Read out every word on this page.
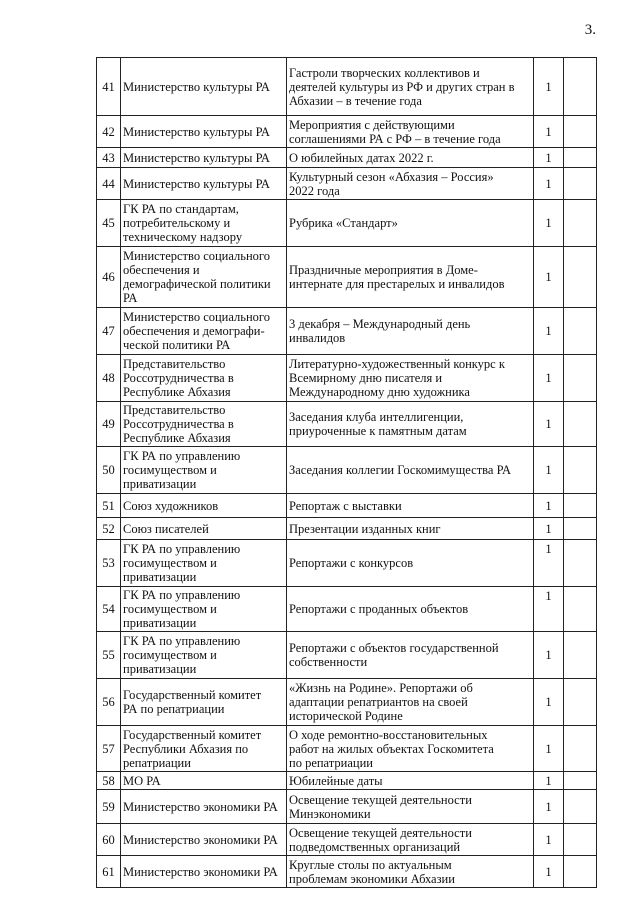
3.
41	Министерство культуры РА	Гастроли творческих коллективов и
деятелей культуры из РФ и других стран в
Абхазии – в течение года	1	
42	Министерство культуры РА	Мероприятия с действующими
соглашениями РА с РФ – в течение года	1	
43	Министерство культуры РА	О юбилейных датах 2022 г.	1	
44	Министерство культуры РА	Культурный сезон «Абхазия – Россия»
2022 года	1	
45	ГК РА по стандартам,
потребительскому и
техническому надзору	Рубрика «Стандарт»	1	
46	Министерство социального
обеспечения и
демографической политики
РА	Праздничные мероприятия в Доме-
интернате для престарелых и инвалидов	1	
47	Министерство социального
обеспечения и демографи-
ческой политики РА	3 декабря – Международный день
инвалидов	1	
48	Представительство
Россотрудничества в
Республике Абхазия	Литературно-художественный конкурс к
Всемирному дню писателя и
Международному дню художника	1	
49	Представительство
Россотрудничества в
Республике Абхазия	Заседания клуба интеллигенции,
приуроченные к памятным датам	1	
50	ГК РА по управлению
госимуществом и
приватизации	Заседания коллегии Госкомимущества РА	1	
51	Союз художников	Репортаж с выставки	1	
52	Союз писателей	Презентации изданных книг	1	
53	ГК РА по управлению
госимуществом и
приватизации	Репортажи с конкурсов	1	
54	ГК РА по управлению
госимуществом и
приватизации	Репортажи с проданных объектов	1	
55	ГК РА по управлению
госимуществом и
приватизации	Репортажи с объектов государственной
собственности	1	
56	Государственный комитет
РА по репатриации	«Жизнь на Родине». Репортажи об
адаптации репатриантов на своей
исторической Родине	1	
57	Государственный комитет
Республики Абхазия по
репатриации	О ходе ремонтно-восстановительных
работ на жилых объектах Госкомитета
по репатриации	1	
58	МО РА	Юбилейные даты	1	
59	Министерство экономики РА	Освещение текущей деятельности
Минэкономики	1	
60	Министерство экономики РА	Освещение текущей деятельности
подведомственных организаций	1	
61	Министерство экономики РА	Круглые столы по актуальным
проблемам экономики Абхазии	1	
